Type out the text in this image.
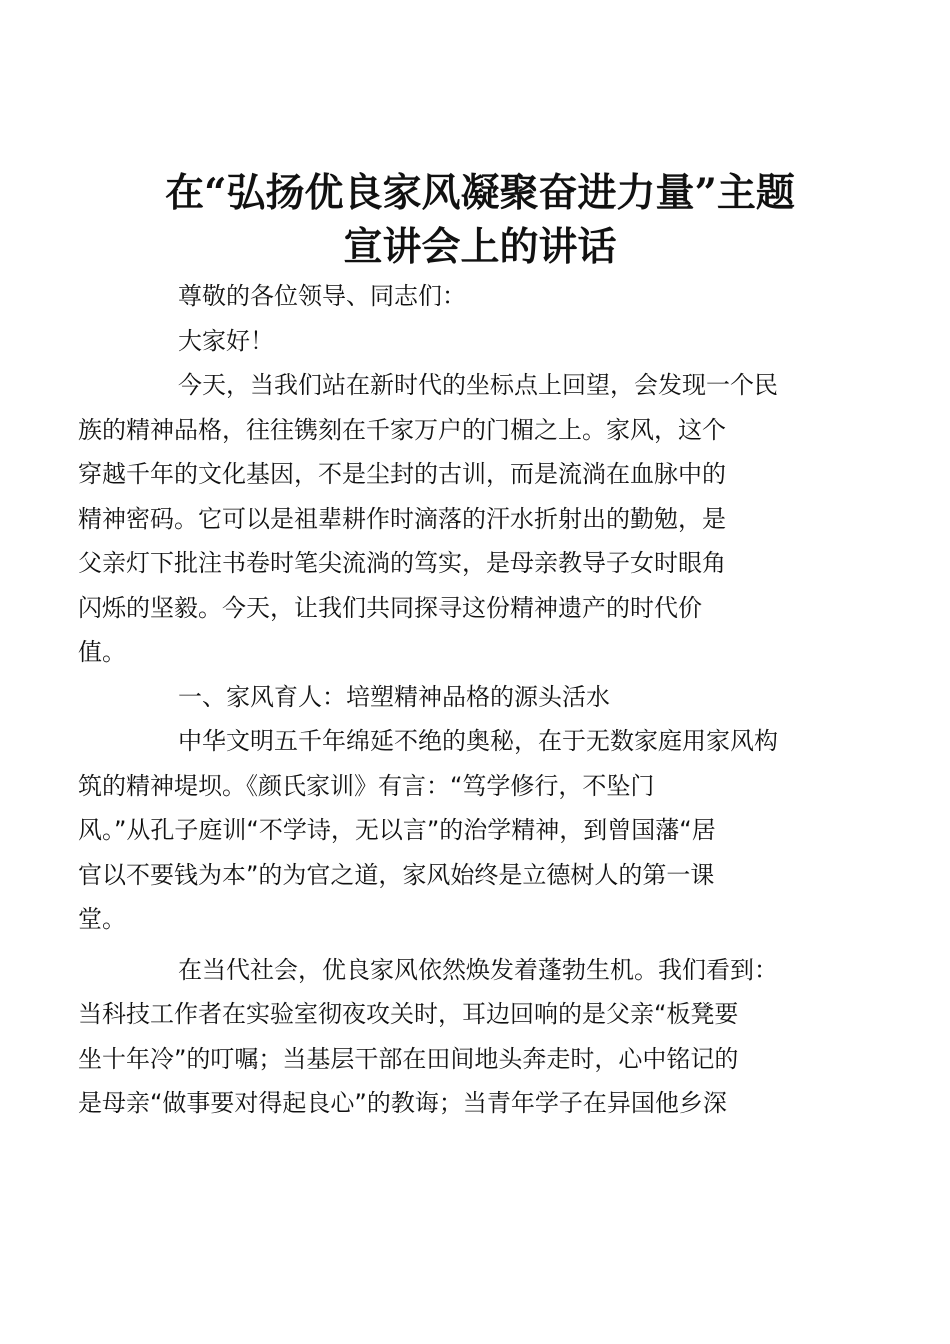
在“弘扬优良家风凝聚奋进力量”主题
宣讲会上的讲话

尊敬的各位领导、同志们：

大家好！

今天，当我们站在新时代的坐标点上回望，会发现一个民
族的精神品格，往往镌刻在千家万户的门楣之上。家风，这个
穿越千年的文化基因，不是尘封的古训，而是流淌在血脉中的
精神密码。它可以是祖辈耕作时滴落的汗水折射出的勤勉，是
父亲灯下批注书卷时笔尖流淌的笃实，是母亲教导子女时眼角
闪烁的坚毅。今天，让我们共同探寻这份精神遗产的时代价
值。

一、家风育人：培塑精神品格的源头活水

中华文明五千年绵延不绝的奥秘，在于无数家庭用家风构
筑的精神堤坝。《颜氏家训》有言：“笃学修行，不坠门
风。”从孔子庭训“不学诗，无以言”的治学精神，到曾国藩“居
官以不要钱为本”的为官之道，家风始终是立德树人的第一课
堂。

在当代社会，优良家风依然焕发着蓬勃生机。我们看到：
当科技工作者在实验室彻夜攻关时，耳边回响的是父亲“板凳要
坐十年冷”的叮嘱；当基层干部在田间地头奔走时，心中铭记的
是母亲“做事要对得起良心”的教诲；当青年学子在异国他乡深
